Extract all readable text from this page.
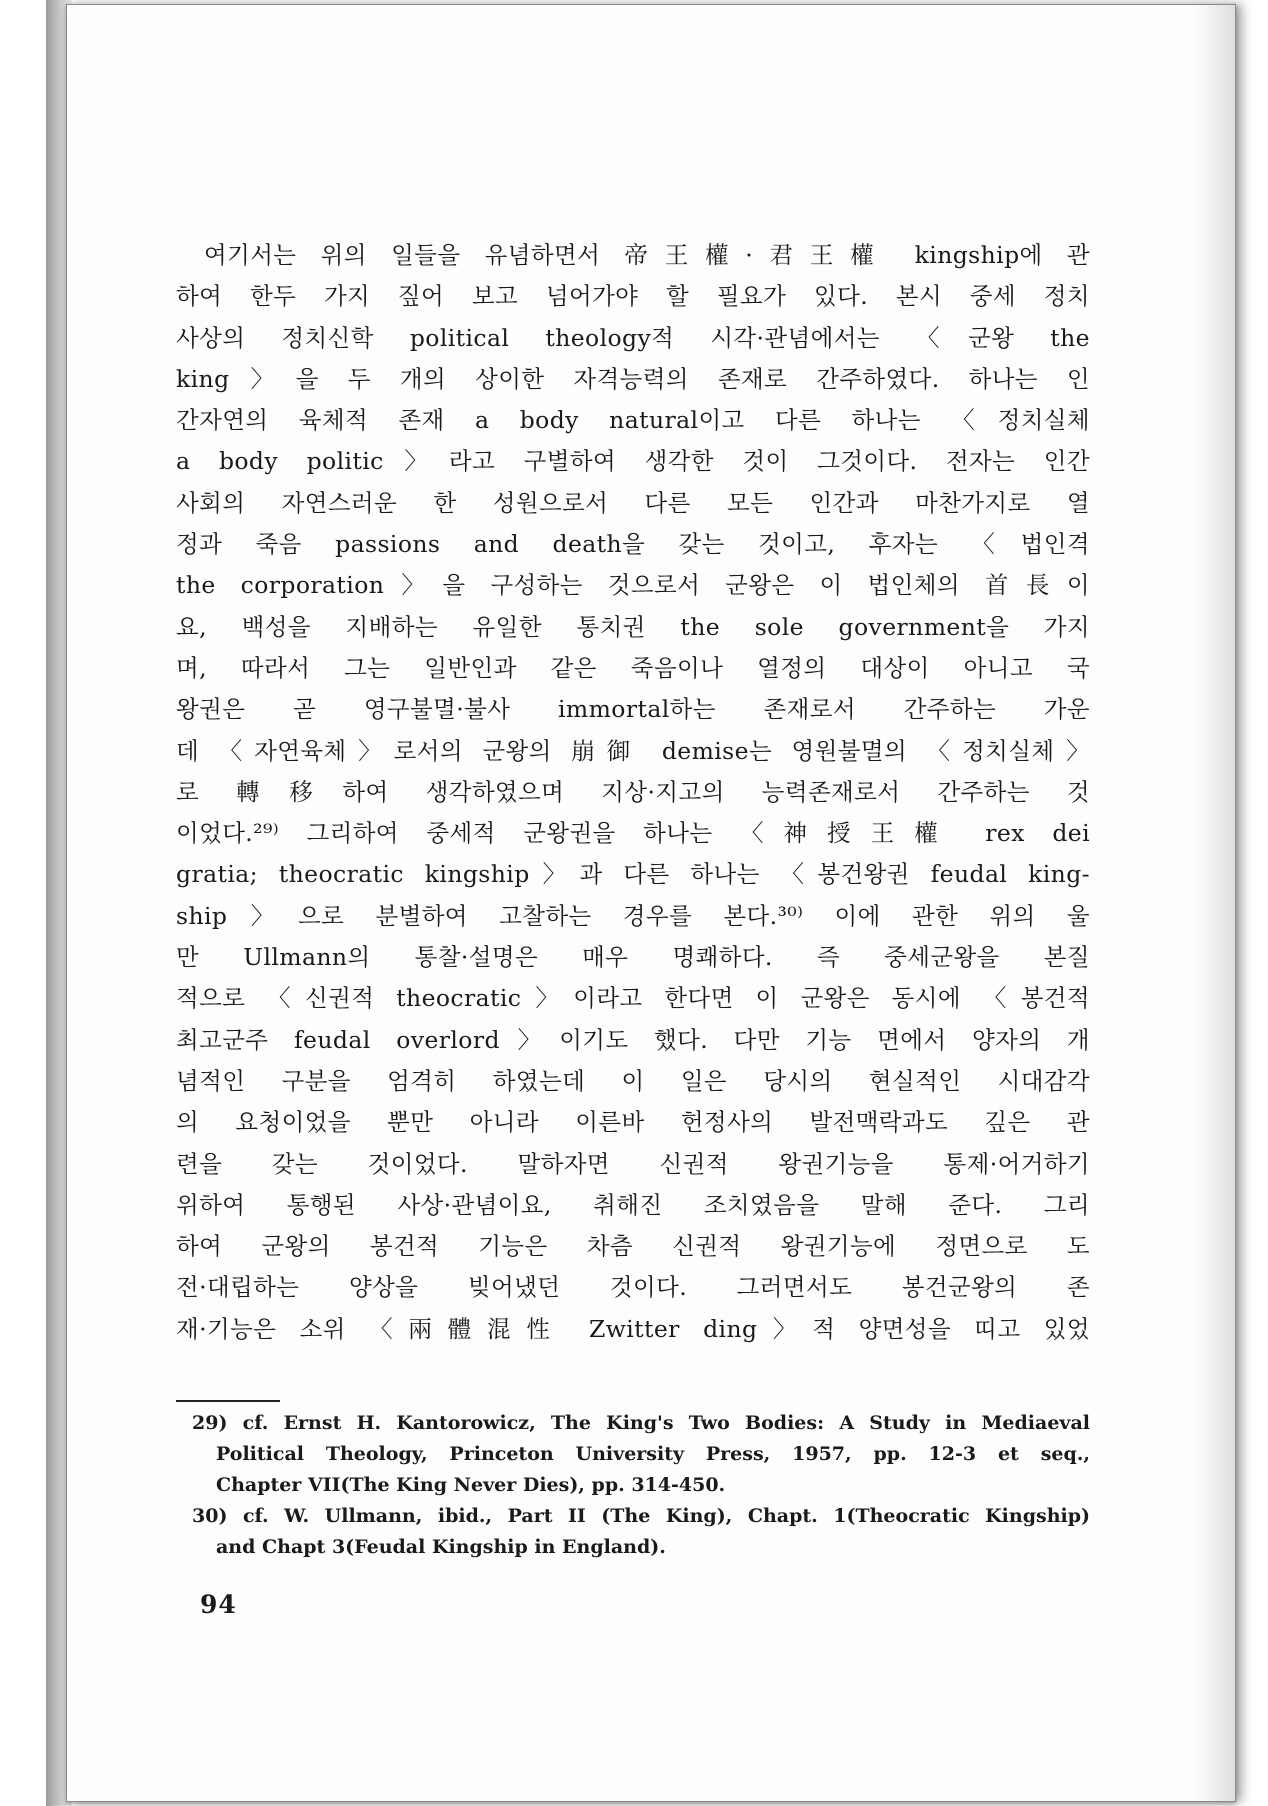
여기서는 위의 일들을 유념하면서 帝王權·君王權 kingship에 관
하여 한두 가지 짚어 보고 넘어가야 할 필요가 있다. 본시 중세 정치
사상의 정치신학 political theology적 시각·관념에서는 〈군왕 the
king〉을 두 개의 상이한 자격능력의 존재로 간주하였다. 하나는 인
간자연의 육체적 존재 a body natural이고 다른 하나는 〈정치실체
a body politic〉라고 구별하여 생각한 것이 그것이다. 전자는 인간
사회의 자연스러운 한 성원으로서 다른 모든 인간과 마찬가지로 열
정과 죽음 passions and death을 갖는 것이고, 후자는 〈법인격
the corporation〉을 구성하는 것으로서 군왕은 이 법인체의 首長이
요, 백성을 지배하는 유일한 통치권 the sole government을 가지
며, 따라서 그는 일반인과 같은 죽음이나 열정의 대상이 아니고 국
왕권은 곧 영구불멸·불사 immortal하는 존재로서 간주하는 가운
데 〈자연육체〉로서의 군왕의 崩御 demise는 영원불멸의 〈정치실체〉
로 轉移하여 생각하였으며 지상·지고의 능력존재로서 간주하는 것
이었다.²⁹⁾ 그리하여 중세적 군왕권을 하나는 〈神授王權 rex dei
gratia; theocratic kingship〉과 다른 하나는 〈봉건왕권 feudal king-
ship〉으로 분별하여 고찰하는 경우를 본다.³⁰⁾ 이에 관한 위의 울
만 Ullmann의 통찰·설명은 매우 명쾌하다. 즉 중세군왕을 본질
적으로 〈신권적 theocratic〉이라고 한다면 이 군왕은 동시에 〈봉건적
최고군주 feudal overlord〉이기도 했다. 다만 기능 면에서 양자의 개
념적인 구분을 엄격히 하였는데 이 일은 당시의 현실적인 시대감각
의 요청이었을 뿐만 아니라 이른바 헌정사의 발전맥락과도 깊은 관
련을 갖는 것이었다. 말하자면 신권적 왕권기능을 통제·어거하기
위하여 통행된 사상·관념이요, 취해진 조치였음을 말해 준다. 그리
하여 군왕의 봉건적 기능은 차츰 신권적 왕권기능에 정면으로 도
전·대립하는 양상을 빚어냈던 것이다. 그러면서도 봉건군왕의 존
재·기능은 소위 〈兩體混性 Zwitter ding〉적 양면성을 띠고 있었
29) cf. Ernst H. Kantorowicz, The King's Two Bodies: A Study in Mediaeval
Political Theology, Princeton University Press, 1957, pp. 12-3 et seq.,
Chapter VII(The King Never Dies), pp. 314-450.
30) cf. W. Ullmann, ibid., Part II (The King), Chapt. 1(Theocratic Kingship)
and Chapt 3(Feudal Kingship in England).
94
